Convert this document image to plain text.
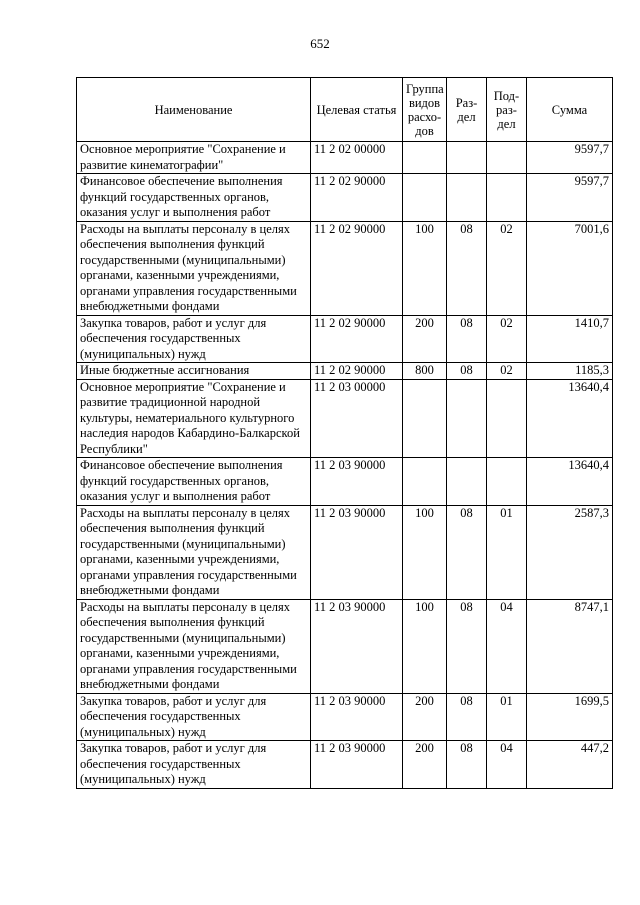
652
Наименование	Целевая статья	Группа видов расхо-дов	Раз-дел	Под-раз-дел	Сумма
Основное мероприятие "Сохранение и развитие кинематографии"	11 2 02 00000				9597,7
Финансовое обеспечение выполнения функций государственных органов, оказания услуг и выполнения работ	11 2 02 90000				9597,7
Расходы на выплаты персоналу в целях обеспечения выполнения функций государственными (муниципальными) органами, казенными учреждениями, органами управления государственными внебюджетными фондами	11 2 02 90000	100	08	02	7001,6
Закупка товаров, работ и услуг для обеспечения государственных (муниципальных) нужд	11 2 02 90000	200	08	02	1410,7
Иные бюджетные ассигнования	11 2 02 90000	800	08	02	1185,3
Основное мероприятие "Сохранение и развитие традиционной народной культуры, нематериального культурного наследия народов Кабардино-Балкарской Республики"	11 2 03 00000				13640,4
Финансовое обеспечение выполнения функций государственных органов, оказания услуг и выполнения работ	11 2 03 90000				13640,4
Расходы на выплаты персоналу в целях обеспечения выполнения функций государственными (муниципальными) органами, казенными учреждениями, органами управления государственными внебюджетными фондами	11 2 03 90000	100	08	01	2587,3
Расходы на выплаты персоналу в целях обеспечения выполнения функций государственными (муниципальными) органами, казенными учреждениями, органами управления государственными внебюджетными фондами	11 2 03 90000	100	08	04	8747,1
Закупка товаров, работ и услуг для обеспечения государственных (муниципальных) нужд	11 2 03 90000	200	08	01	1699,5
Закупка товаров, работ и услуг для обеспечения государственных (муниципальных) нужд	11 2 03 90000	200	08	04	447,2
